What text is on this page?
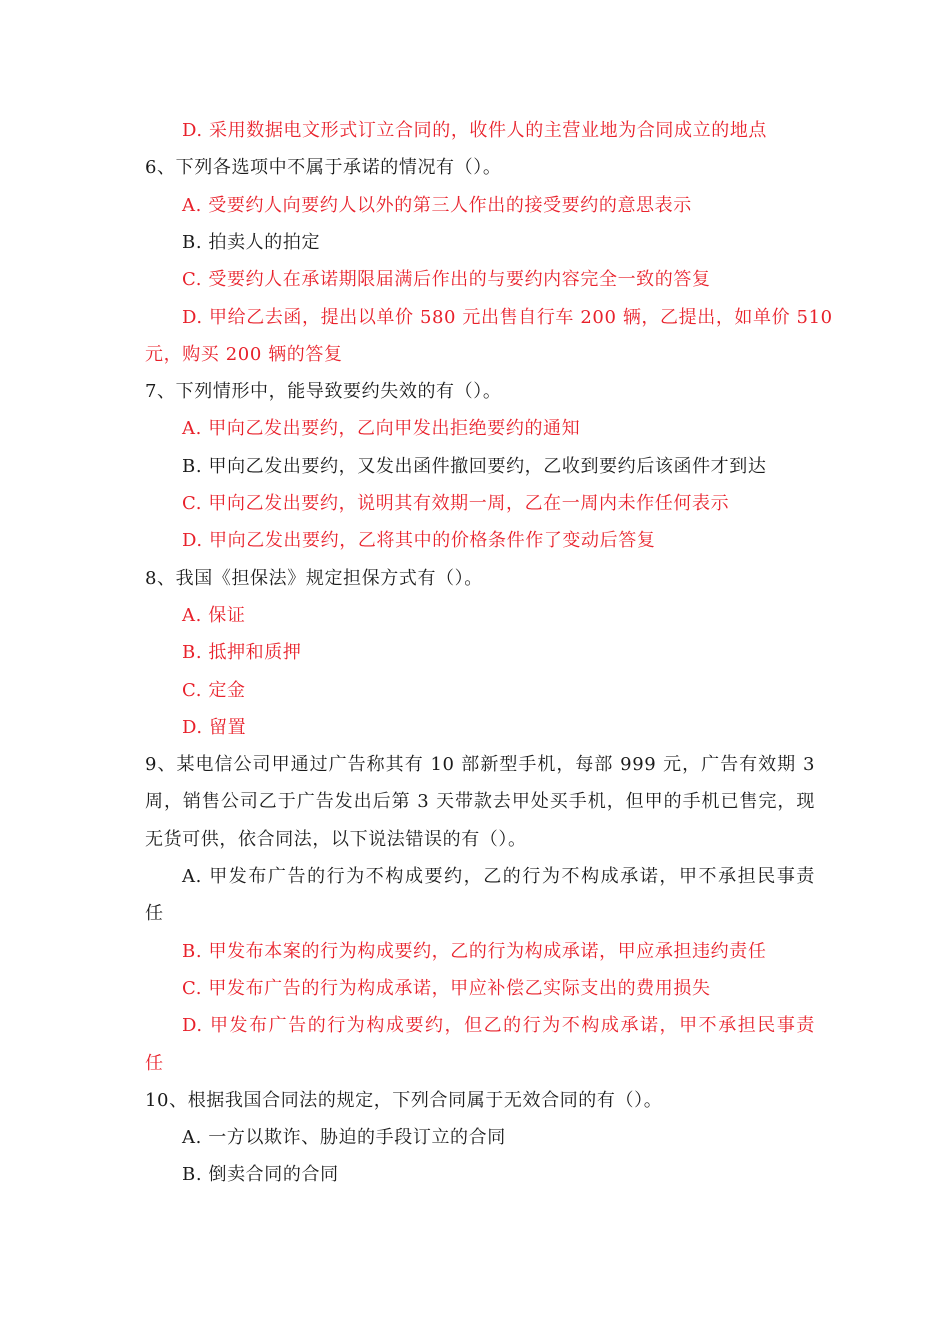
D. 采用数据电文形式订立合同的，收件人的主营业地为合同成立的地点
6、下列各选项中不属于承诺的情况有（）。
A. 受要约人向要约人以外的第三人作出的接受要约的意思表示
B. 拍卖人的拍定
C. 受要约人在承诺期限届满后作出的与要约内容完全一致的答复
D. 甲给乙去函，提出以单价 580 元出售自行车 200 辆，乙提出，如单价 510
元，购买 200 辆的答复
7、下列情形中，能导致要约失效的有（）。
A. 甲向乙发出要约，乙向甲发出拒绝要约的通知
B. 甲向乙发出要约，又发出函件撤回要约，乙收到要约后该函件才到达
C. 甲向乙发出要约，说明其有效期一周，乙在一周内未作任何表示
D. 甲向乙发出要约，乙将其中的价格条件作了变动后答复
8、我国《担保法》规定担保方式有（）。
A. 保证
B. 抵押和质押
C. 定金
D. 留置
9、某电信公司甲通过广告称其有 10 部新型手机，每部 999 元，广告有效期 3
周，销售公司乙于广告发出后第 3 天带款去甲处买手机，但甲的手机已售完，现
无货可供，依合同法，以下说法错误的有（）。
A. 甲发布广告的行为不构成要约，乙的行为不构成承诺，甲不承担民事责
任
B. 甲发布本案的行为构成要约，乙的行为构成承诺，甲应承担违约责任
C. 甲发布广告的行为构成承诺，甲应补偿乙实际支出的费用损失
D. 甲发布广告的行为构成要约，但乙的行为不构成承诺，甲不承担民事责
任
10、根据我国合同法的规定，下列合同属于无效合同的有（）。
A. 一方以欺诈、胁迫的手段订立的合同
B. 倒卖合同的合同
